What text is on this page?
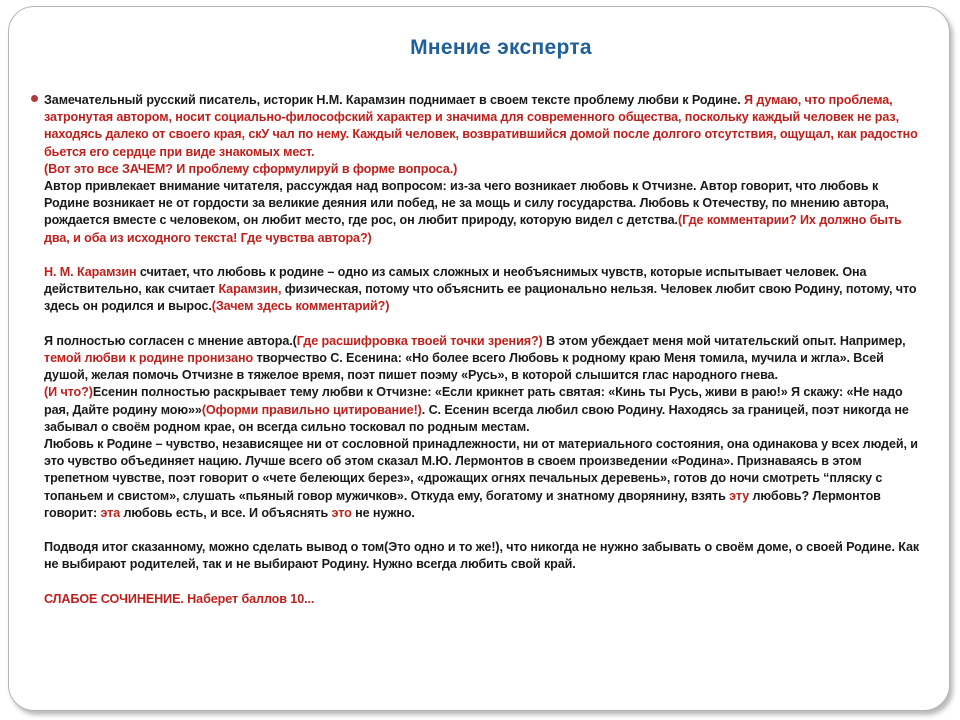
Мнение эксперта

Замечательный русский писатель, историк Н.М. Карамзин поднимает в своем тексте проблему любви к Родине. Я думаю, что проблема, затронутая автором, носит социально-философский характер и значима для современного общества, поскольку каждый человек не раз, находясь далеко от своего края, скУ чал по нему. Каждый человек, возвратившийся домой после долгого отсутствия, ощущал, как радостно бьется его сердце при виде знакомых мест.
(Вот это все ЗАЧЕМ? И проблему сформулируй в форме вопроса.)
Автор привлекает внимание читателя, рассуждая над вопросом: из-за чего возникает любовь к Отчизне. Автор говорит, что любовь к Родине возникает не от гордости за великие деяния или побед, не за мощь и силу государства. Любовь к Отечеству, по мнению автора, рождается вместе с человеком, он любит место, где рос, он любит природу, которую видел с детства.(Где комментарии? Их должно быть два, и оба из исходного текста! Где чувства автора?)

Н. М. Карамзин считает, что любовь к родине – одно из самых сложных и необъяснимых чувств, которые испытывает человек. Она действительно, как считает Карамзин, физическая, потому что объяснить ее рационально нельзя. Человек любит свою Родину, потому, что здесь он родился и вырос.(Зачем здесь комментарий?)

Я полностью согласен с мнение автора.(Где расшифровка твоей точки зрения?) В этом убеждает меня мой читательский опыт. Например, темой любви к родине пронизано творчество С. Есенина: «Но более всего Любовь к родному краю Меня томила, мучила и жгла». Всей душой, желая помочь Отчизне в тяжелое время, поэт пишет поэму «Русь», в которой слышится глас народного гнева.
(И что?)Есенин полностью раскрывает тему любви к Отчизне: «Если крикнет рать святая: «Кинь ты Русь, живи в раю!» Я скажу: «Не надо рая, Дайте родину мою»»(Оформи правильно цитирование!). С. Есенин всегда любил свою Родину. Находясь за границей, поэт никогда не забывал о своём родном крае, он всегда сильно тосковал по родным местам.
Любовь к Родине – чувство, независящее ни от сословной принадлежности, ни от материального состояния, она одинакова у всех людей, и это чувство объединяет нацию. Лучше всего об этом сказал М.Ю. Лермонтов в своем произведении «Родина». Признаваясь в этом трепетном чувстве, поэт говорит о «чете белеющих берез», «дрожащих огнях печальных деревень», готов до ночи смотреть “пляску с топаньем и свистом», слушать «пьяный говор мужичков». Откуда ему, богатому и знатному дворянину, взять эту любовь? Лермонтов говорит: эта любовь есть, и все. И объяснять это не нужно.

Подводя итог сказанному, можно сделать вывод о том(Это одно и то же!), что никогда не нужно забывать о своём доме, о своей Родине. Как не выбирают родителей, так и не выбирают Родину. Нужно всегда любить свой край.

СЛАБОЕ СОЧИНЕНИЕ. Наберет баллов 10...
